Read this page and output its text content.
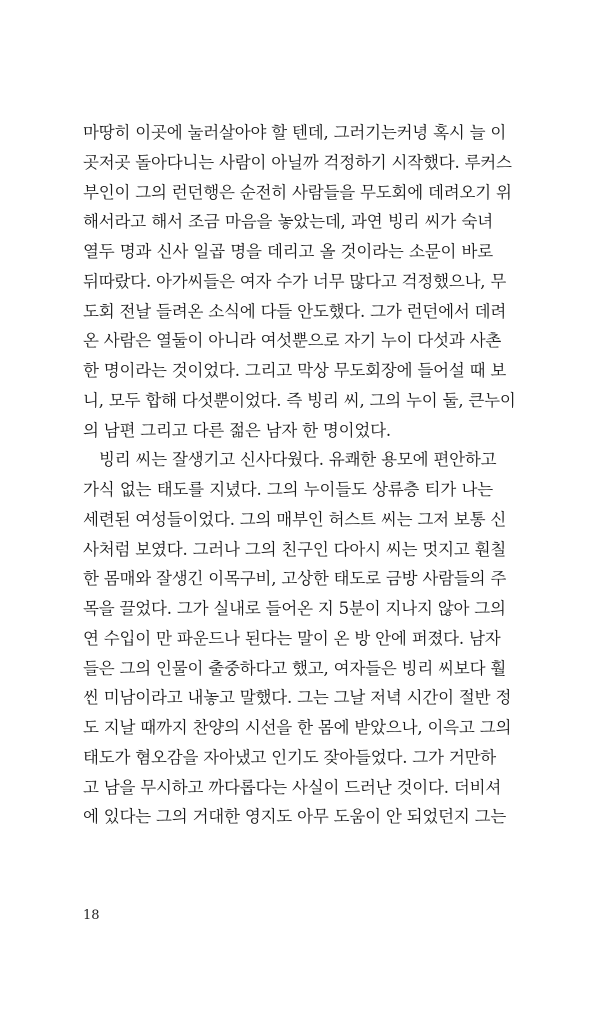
마땅히 이곳에 눌러살아야 할 텐데, 그러기는커녕 혹시 늘 이
곳저곳 돌아다니는 사람이 아닐까 걱정하기 시작했다. 루커스
부인이 그의 런던행은 순전히 사람들을 무도회에 데려오기 위
해서라고 해서 조금 마음을 놓았는데, 과연 빙리 씨가 숙녀
열두 명과 신사 일곱 명을 데리고 올 것이라는 소문이 바로
뒤따랐다. 아가씨들은 여자 수가 너무 많다고 걱정했으나, 무
도회 전날 들려온 소식에 다들 안도했다. 그가 런던에서 데려
온 사람은 열둘이 아니라 여섯뿐으로 자기 누이 다섯과 사촌
한 명이라는 것이었다. 그리고 막상 무도회장에 들어설 때 보
니, 모두 합해 다섯뿐이었다. 즉 빙리 씨, 그의 누이 둘, 큰누이
의 남편 그리고 다른 젊은 남자 한 명이었다.
빙리 씨는 잘생기고 신사다웠다. 유쾌한 용모에 편안하고
가식 없는 태도를 지녔다. 그의 누이들도 상류층 티가 나는
세련된 여성들이었다. 그의 매부인 허스트 씨는 그저 보통 신
사처럼 보였다. 그러나 그의 친구인 다아시 씨는 멋지고 훤칠
한 몸매와 잘생긴 이목구비, 고상한 태도로 금방 사람들의 주
목을 끌었다. 그가 실내로 들어온 지 5분이 지나지 않아 그의
연 수입이 만 파운드나 된다는 말이 온 방 안에 퍼졌다. 남자
들은 그의 인물이 출중하다고 했고, 여자들은 빙리 씨보다 훨
씬 미남이라고 내놓고 말했다. 그는 그날 저녁 시간이 절반 정
도 지날 때까지 찬양의 시선을 한 몸에 받았으나, 이윽고 그의
태도가 혐오감을 자아냈고 인기도 잦아들었다. 그가 거만하
고 남을 무시하고 까다롭다는 사실이 드러난 것이다. 더비셔
에 있다는 그의 거대한 영지도 아무 도움이 안 되었던지 그는
18
